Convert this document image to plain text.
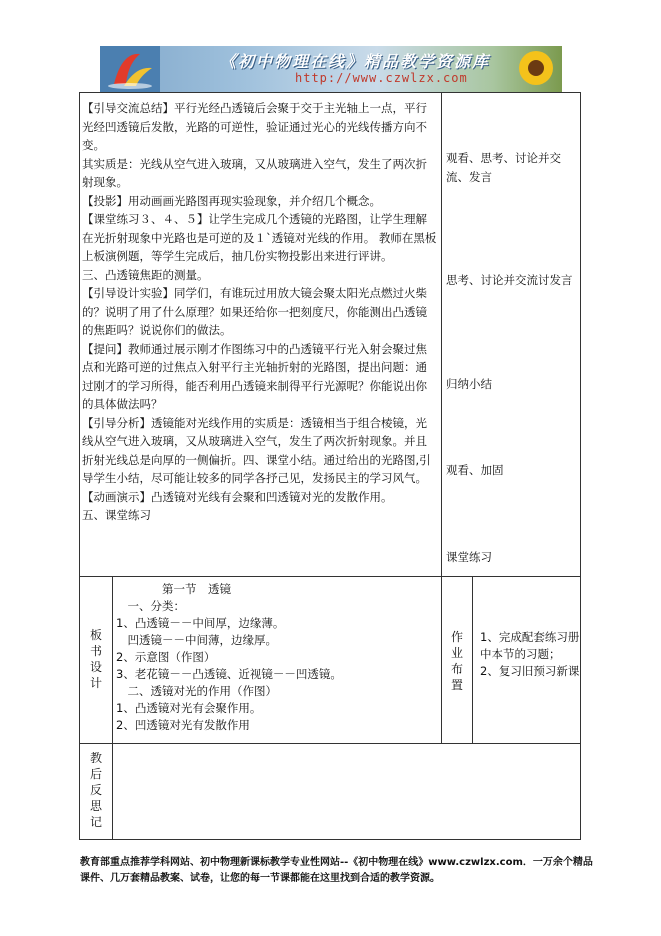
《初中物理在线》精品教学资源库
http://www.czwlzx.com

【引导交流总结】平行光经凸透镜后会聚于交于主光轴上一点，平行光经凹透镜后发散，光路的可逆性，验证通过光心的光线传播方向不变。

其实质是：光线从空气进入玻璃，又从玻璃进入空气，发生了两次折射现象。

【投影】用动画画光路图再现实验现象，并介绍几个概念。

【课堂练习３、４、５】让学生完成几个透镜的光路图，让学生理解在光折射现象中光路也是可逆的及１`透镜对光线的作用。 教师在黑板上板演例题，等学生完成后，抽几份实物投影出来进行评讲。

三、凸透镜焦距的测量。

【引导设计实验】同学们，有谁玩过用放大镜会聚太阳光点燃过火柴的？说明了用了什么原理？如果还给你一把刻度尺，你能测出凸透镜的焦距吗？说说你们的做法。

【提问】教师通过展示刚才作图练习中的凸透镜平行光入射会聚过焦点和光路可逆的过焦点入射平行主光轴折射的光路图，提出问题：通过刚才的学习所得，能否利用凸透镜来制得平行光源呢？你能说出你的具体做法吗？

【引导分析】透镜能对光线作用的实质是：透镜相当于组合棱镜，光线从空气进入玻璃，又从玻璃进入空气，发生了两次折射现象。并且折射光线总是向厚的一侧偏折。四、课堂小结。通过给出的光路图,引导学生小结，尽可能让较多的同学各抒己见，发扬民主的学习风气。

【动画演示】凸透镜对光线有会聚和凹透镜对光的发散作用。

五、课堂练习

观看、思考、讨论并交流、发言
思考、讨论并交流讨发言
归纳小结
观看、加固
课堂练习
板
书
设
计

　　　　第一节　透镜

　一、分类：

1、凸透镜－－中间厚，边缘薄。

　凹透镜－－中间薄，边缘厚。

2、示意图（作图）

3、老花镜－－凸透镜、近视镜－－凹透镜。

　二、透镜对光的作用（作图）

1、凸透镜对光有会聚作用。

2、凹透镜对光有发散作用

作
业
布
置

1、完成配套练习册中本节的习题；

2、复习旧预习新课

教
后
反
思
记
教育部重点推荐学科网站、初中物理新课标教学专业性网站--《初中物理在线》www.czwlzx.com．一万余个精品课件、几万套精品教案、试卷，让您的每一节课都能在这里找到合适的教学资源。
